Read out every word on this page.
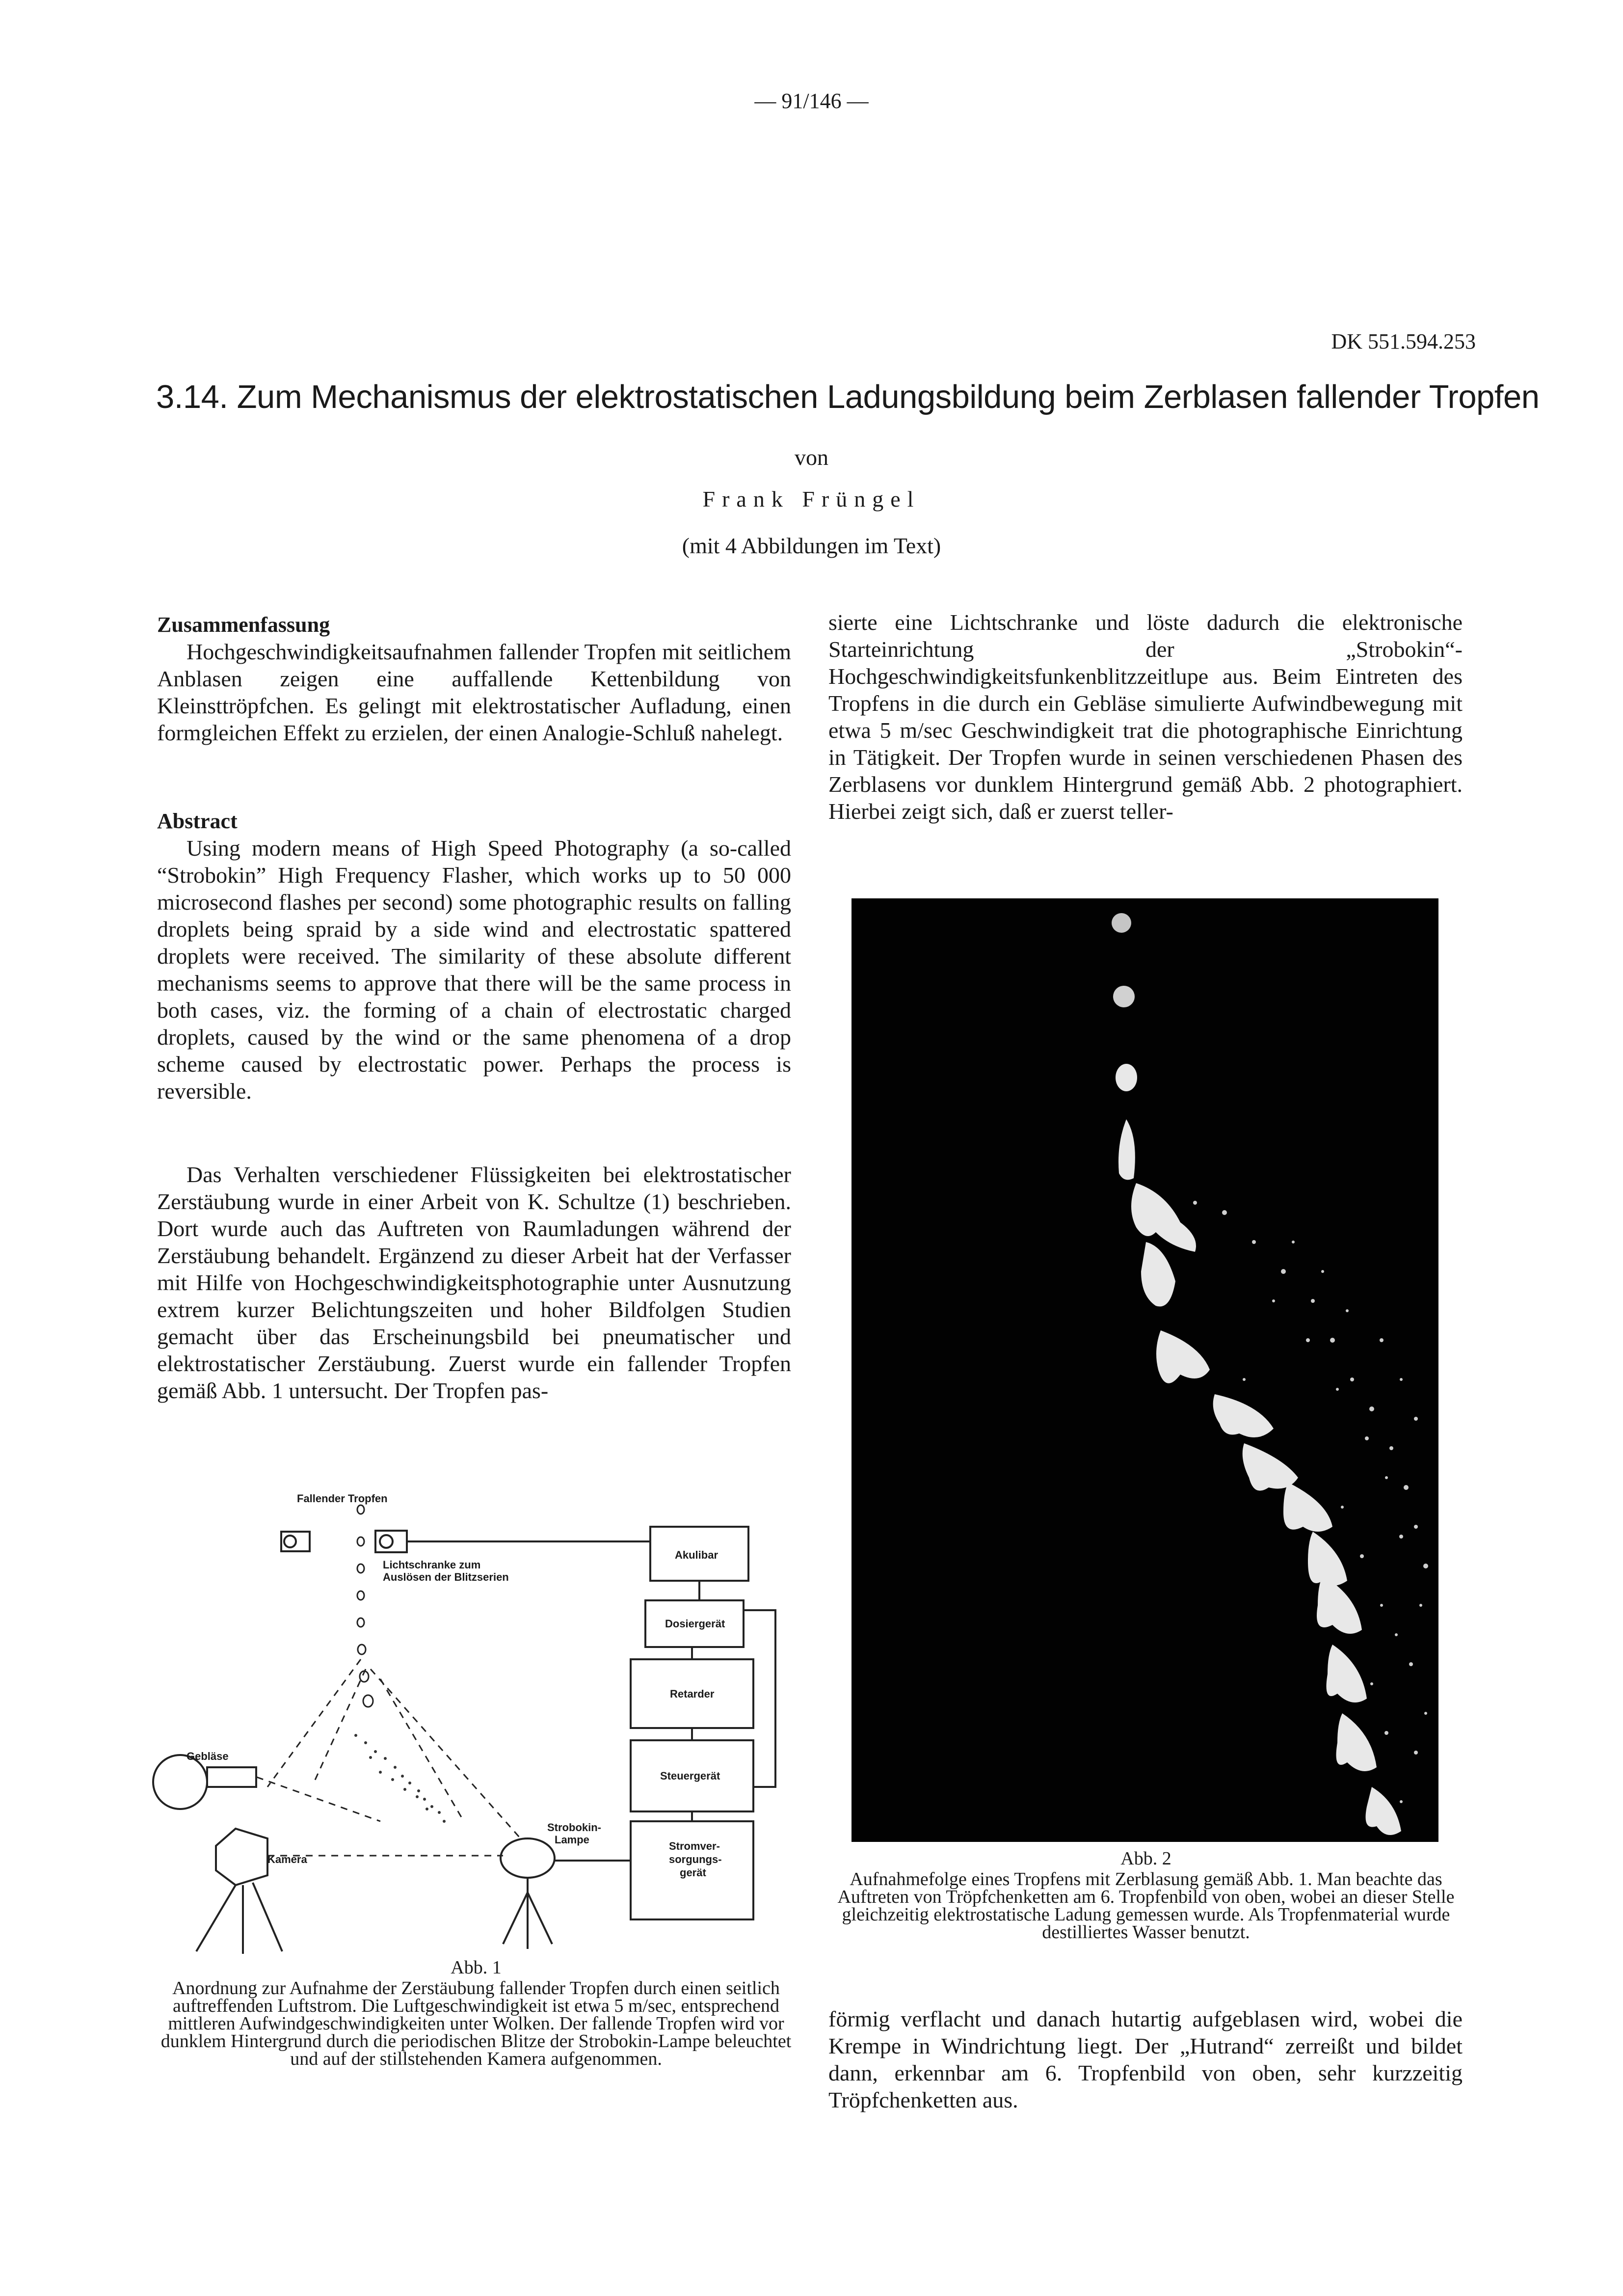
— 91/146 —
DK 551.594.253
3.14. Zum Mechanismus der elektrostatischen Ladungsbildung beim Zerblasen fallender Tropfen
von
Frank Früngel
(mit 4 Abbildungen im Text)

Zusammenfassung

Hochgeschwindigkeitsaufnahmen fallender Tropfen mit seitlichem Anblasen zeigen eine auffallende Kettenbildung von Kleinsttröpfchen. Es gelingt mit elektrostatischer Aufladung, einen formgleichen Effekt zu erzielen, der einen Analogie-Schluß nahelegt.

Abstract

Using modern means of High Speed Photography (a so-called “Strobokin” High Frequency Flasher, which works up to 50 000 microsecond flashes per second) some photographic results on falling droplets being spraid by a side wind and electrostatic spattered droplets were received. The similarity of these absolute different mechanisms seems to approve that there will be the same process in both cases, viz. the forming of a chain of electrostatic charged droplets, caused by the wind or the same phenomena of a drop scheme caused by electrostatic power. Perhaps the process is reversible.

Das Verhalten verschiedener Flüssigkeiten bei elektrostatischer Zerstäubung wurde in einer Arbeit von K. Schultze (1) beschrieben. Dort wurde auch das Auftreten von Raumladungen während der Zerstäubung behandelt. Ergänzend zu dieser Arbeit hat der Verfasser mit Hilfe von Hochgeschwindigkeitsphotographie unter Ausnutzung extrem kurzer Belichtungszeiten und hoher Bildfolgen Studien gemacht über das Erscheinungsbild bei pneumatischer und elektrostatischer Zerstäubung. Zuerst wurde ein fallender Tropfen gemäß Abb. 1 untersucht. Der Tropfen pas-

sierte eine Lichtschranke und löste dadurch die elektronische Starteinrichtung der „Strobokin“-Hochgeschwindigkeitsfunkenblitzzeitlupe aus. Beim Eintreten des Tropfens in die durch ein Gebläse simulierte Aufwindbewegung mit etwa 5 m/sec Geschwindigkeit trat die photographische Einrichtung in Tätigkeit. Der Tropfen wurde in seinen verschiedenen Phasen des Zerblasens vor dunklem Hintergrund gemäß Abb. 2 photographiert. Hierbei zeigt sich, daß er zuerst teller-

Abb. 2
Aufnahmefolge eines Tropfens mit Zerblasung gemäß Abb. 1. Man beachte das Auftreten von Tröpfchenketten am 6. Tropfenbild von oben, wobei an dieser Stelle gleichzeitig elektrostatische Ladung gemessen wurde. Als Tropfenmaterial wurde destilliertes Wasser benutzt.

förmig verflacht und danach hutartig aufgeblasen wird, wobei die Krempe in Windrichtung liegt. Der „Hutrand“ zerreißt und bildet dann, erkennbar am 6. Tropfenbild von oben, sehr kurzzeitig Tröpfchenketten aus.

Fallender Tropfen
Lichtschranke zum
Auslösen der Blitzserien
Gebläse
Kamera
Strobokin-
Lampe
Akulibar
Dosiergerät
Retarder
Steuergerät
Stromver-
sorgungs-
gerät
Abb. 1
Anordnung zur Aufnahme der Zerstäubung fallender Tropfen durch einen seitlich auftreffenden Luftstrom. Die Luftgeschwindigkeit ist etwa 5 m/sec, entsprechend mittleren Aufwindgeschwindigkeiten unter Wolken. Der fallende Tropfen wird vor dunklem Hintergrund durch die periodischen Blitze der Strobokin-Lampe beleuchtet und auf der stillstehenden Kamera aufgenommen.
